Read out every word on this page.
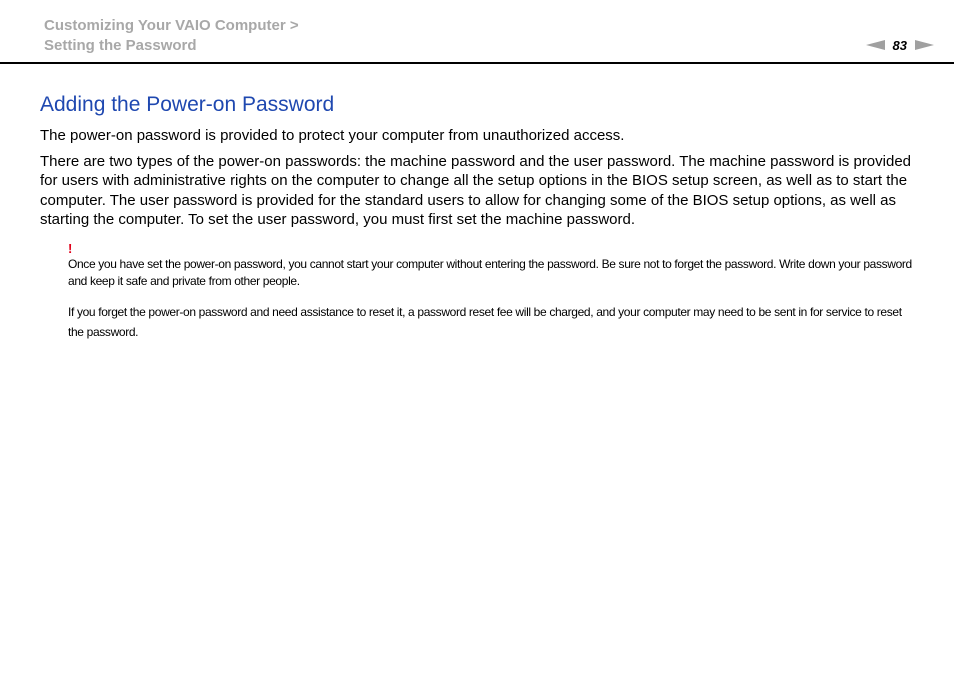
Customizing Your VAIO Computer >
Setting the Password	83
Adding the Power-on Password

The power-on password is provided to protect your computer from unauthorized access.

There are two types of the power-on passwords: the machine password and the user password. The machine password is provided for users with administrative rights on the computer to change all the setup options in the BIOS setup screen, as well as to start the computer. The user password is provided for the standard users to allow for changing some of the BIOS setup options, as well as starting the computer. To set the user password, you must first set the machine password.

!

Once you have set the power-on password, you cannot start your computer without entering the password. Be sure not to forget the password. Write down your password and keep it safe and private from other people.

If you forget the power-on password and need assistance to reset it, a password reset fee will be charged, and your computer may need to be sent in for service to reset the password.
